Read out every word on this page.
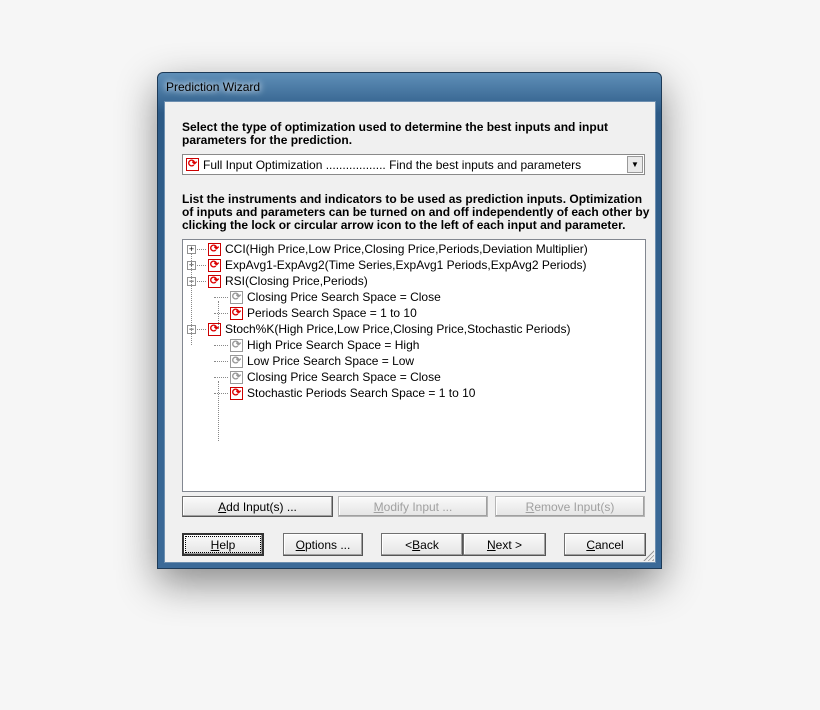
Prediction Wizard
Select the type of optimization used to determine the best inputs and input parameters for the prediction.
⟳ Full Input Optimization .................. Find the best inputs and parameters	▼
List the instruments and indicators to be used as prediction inputs. Optimization of inputs and parameters can be turned on and off independently of each other by clicking the lock or circular arrow icon to the left of each input and parameter.
+ ⟳ CCI(High Price,Low Price,Closing Price,Periods,Deviation Multiplier)
+ ⟳ ExpAvg1-ExpAvg2(Time Series,ExpAvg1 Periods,ExpAvg2 Periods)
− ⟳ RSI(Closing Price,Periods)
⟳ Closing Price Search Space = Close
⟳ Periods Search Space = 1 to 10
− ⟳ Stoch%K(High Price,Low Price,Closing Price,Stochastic Periods)
⟳ High Price Search Space = High
⟳ Low Price Search Space = Low
⟳ Closing Price Search Space = Close
⟳ Stochastic Periods Search Space = 1 to 10
A dd Input(s) ...	M odify Input ...	R emove Input(s)
H elp	O ptions ...	< B ack	N ext >	C ancel
